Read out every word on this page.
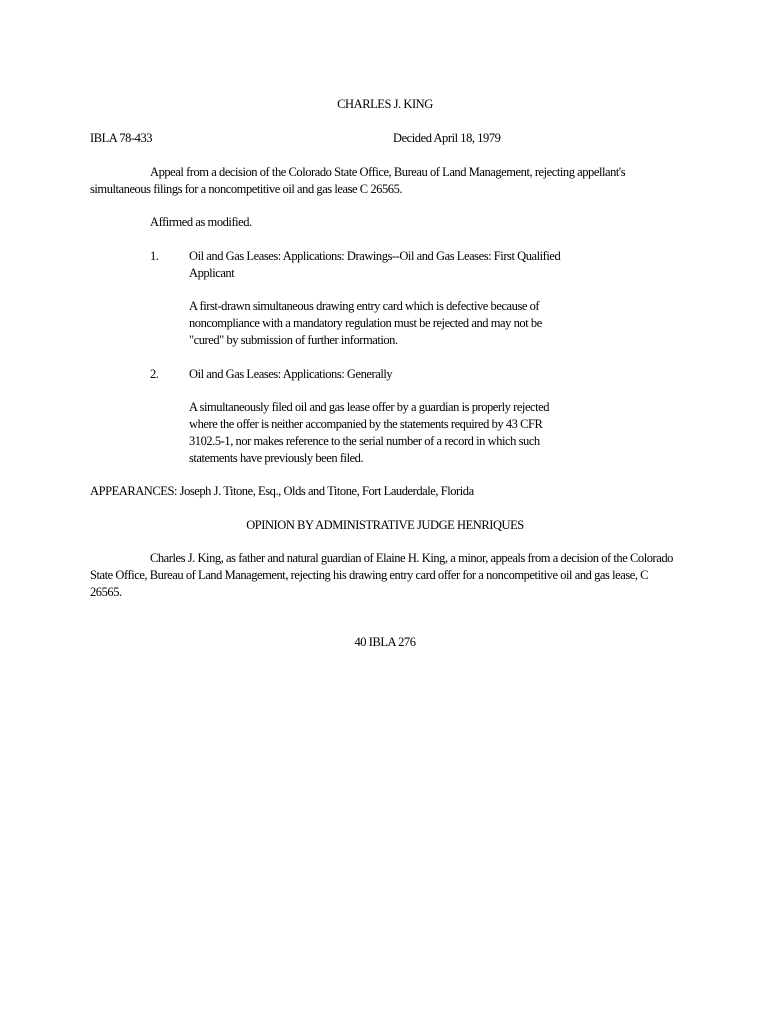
CHARLES J. KING
IBLA 78-433	Decided April 18, 1979
Appeal from a decision of the Colorado State Office, Bureau of Land Management, rejecting appellant's
simultaneous filings for a noncompetitive oil and gas lease C 26565.
Affirmed as modified.
1. Oil and Gas Leases: Applications: Drawings--Oil and Gas Leases: First Qualified
Applicant
A first-drawn simultaneous drawing entry card which is defective because of
noncompliance with a mandatory regulation must be rejected and may not be
"cured" by submission of further information.
2. Oil and Gas Leases: Applications: Generally
A simultaneously filed oil and gas lease offer by a guardian is properly rejected
where the offer is neither accompanied by the statements required by 43 CFR
3102.5-1, nor makes reference to the serial number of a record in which such
statements have previously been filed.
APPEARANCES: Joseph J. Titone, Esq., Olds and Titone, Fort Lauderdale, Florida
OPINION BY ADMINISTRATIVE JUDGE HENRIQUES
Charles J. King, as father and natural guardian of Elaine H. King, a minor, appeals from a decision of the Colorado
State Office, Bureau of Land Management, rejecting his drawing entry card offer for a noncompetitive oil and gas lease, C
26565.
40 IBLA 276
